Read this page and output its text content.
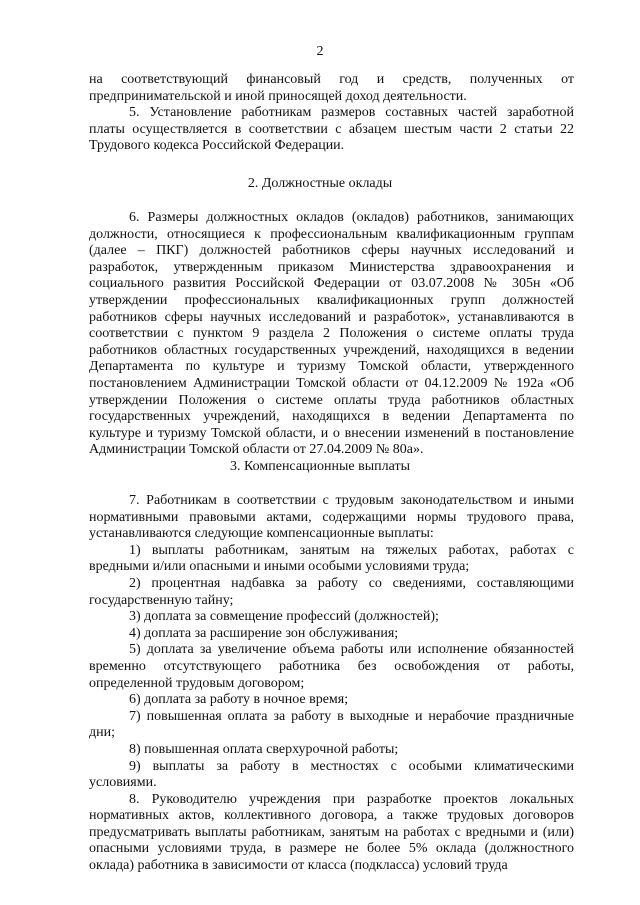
2

на соответствующий финансовый год и средств, полученных от предпринимательской и иной приносящей доход деятельности.

5. Установление работникам размеров составных частей заработной платы осуществляется в соответствии с абзацем шестым части 2 статьи 22 Трудового кодекса Российской Федерации.

2. Должностные оклады

6. Размеры должностных окладов (окладов) работников, занимающих должности, относящиеся к профессиональным квалификационным группам (далее – ПКГ) должностей работников сферы научных исследований и разработок, утвержденным приказом Министерства здравоохранения и социального развития Российской Федерации от 03.07.2008 № 305н «Об утверждении профессиональных квалификационных групп должностей работников сферы научных исследований и разработок», устанавливаются в соответствии с пунктом 9 раздела 2 Положения о системе оплаты труда работников областных государственных учреждений, находящихся в ведении Департамента по культуре и туризму Томской области, утвержденного постановлением Администрации Томской области от 04.12.2009 № 192а «Об утверждении Положения о системе оплаты труда работников областных государственных учреждений, находящихся в ведении Департамента по культуре и туризму Томской области, и о внесении изменений в постановление Администрации Томской области от 27.04.2009 № 80а».

3. Компенсационные выплаты

7. Работникам в соответствии с трудовым законодательством и иными нормативными правовыми актами, содержащими нормы трудового права, устанавливаются следующие компенсационные выплаты:

1) выплаты работникам, занятым на тяжелых работах, работах с вредными и/или опасными и иными особыми условиями труда;

2) процентная надбавка за работу со сведениями, составляющими государственную тайну;

3) доплата за совмещение профессий (должностей);

4) доплата за расширение зон обслуживания;

5) доплата за увеличение объема работы или исполнение обязанностей временно отсутствующего работника без освобождения от работы, определенной трудовым договором;

6) доплата за работу в ночное время;

7) повышенная оплата за работу в выходные и нерабочие праздничные дни;

8) повышенная оплата сверхурочной работы;

9) выплаты за работу в местностях с особыми климатическими условиями.

8. Руководителю учреждения при разработке проектов локальных нормативных актов, коллективного договора, а также трудовых договоров предусматривать выплаты работникам, занятым на работах с вредными и (или) опасными условиями труда, в размере не более 5% оклада (должностного оклада) работника в зависимости от класса (подкласса) условий труда
